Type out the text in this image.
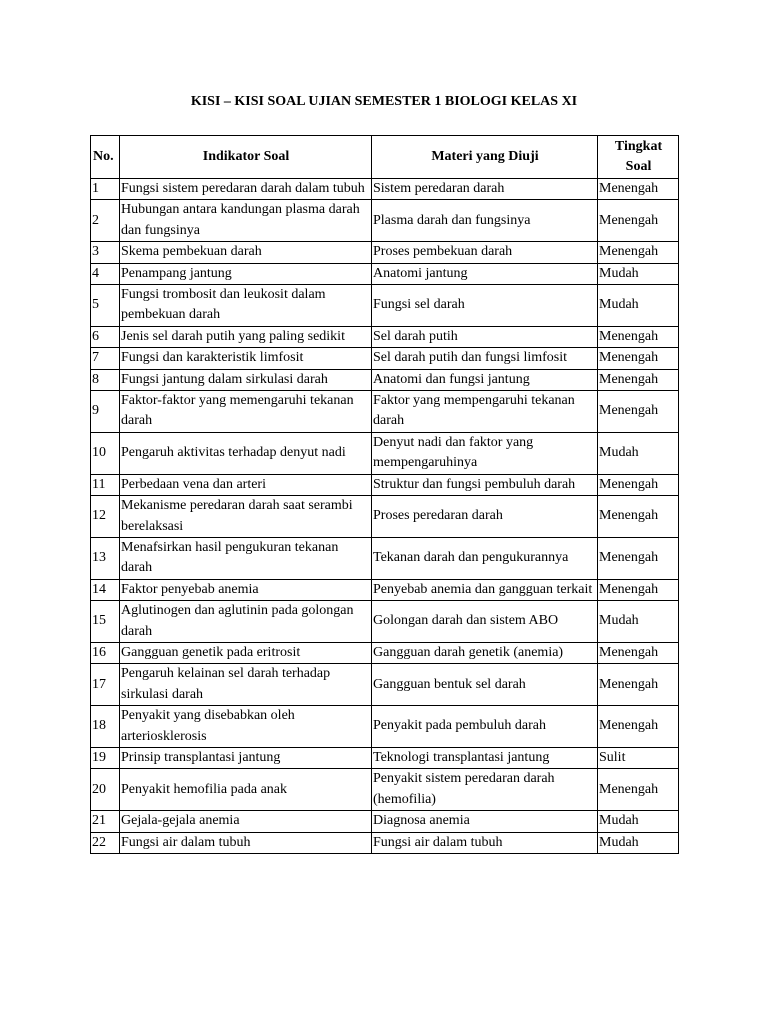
KISI – KISI SOAL UJIAN SEMESTER 1 BIOLOGI KELAS XI
No.	Indikator Soal	Materi yang Diuji	Tingkat
Soal
1	Fungsi sistem peredaran darah dalam tubuh	Sistem peredaran darah	Menengah
2	Hubungan antara kandungan plasma darah dan fungsinya	Plasma darah dan fungsinya	Menengah
3	Skema pembekuan darah	Proses pembekuan darah	Menengah
4	Penampang jantung	Anatomi jantung	Mudah
5	Fungsi trombosit dan leukosit dalam pembekuan darah	Fungsi sel darah	Mudah
6	Jenis sel darah putih yang paling sedikit	Sel darah putih	Menengah
7	Fungsi dan karakteristik limfosit	Sel darah putih dan fungsi limfosit	Menengah
8	Fungsi jantung dalam sirkulasi darah	Anatomi dan fungsi jantung	Menengah
9	Faktor-faktor yang memengaruhi tekanan darah	Faktor yang mempengaruhi tekanan darah	Menengah
10	Pengaruh aktivitas terhadap denyut nadi	Denyut nadi dan faktor yang mempengaruhinya	Mudah
11	Perbedaan vena dan arteri	Struktur dan fungsi pembuluh darah	Menengah
12	Mekanisme peredaran darah saat serambi berelaksasi	Proses peredaran darah	Menengah
13	Menafsirkan hasil pengukuran tekanan darah	Tekanan darah dan pengukurannya	Menengah
14	Faktor penyebab anemia	Penyebab anemia dan gangguan terkait	Menengah
15	Aglutinogen dan aglutinin pada golongan darah	Golongan darah dan sistem ABO	Mudah
16	Gangguan genetik pada eritrosit	Gangguan darah genetik (anemia)	Menengah
17	Pengaruh kelainan sel darah terhadap sirkulasi darah	Gangguan bentuk sel darah	Menengah
18	Penyakit yang disebabkan oleh arteriosklerosis	Penyakit pada pembuluh darah	Menengah
19	Prinsip transplantasi jantung	Teknologi transplantasi jantung	Sulit
20	Penyakit hemofilia pada anak	Penyakit sistem peredaran darah (hemofilia)	Menengah
21	Gejala-gejala anemia	Diagnosa anemia	Mudah
22	Fungsi air dalam tubuh	Fungsi air dalam tubuh	Mudah
